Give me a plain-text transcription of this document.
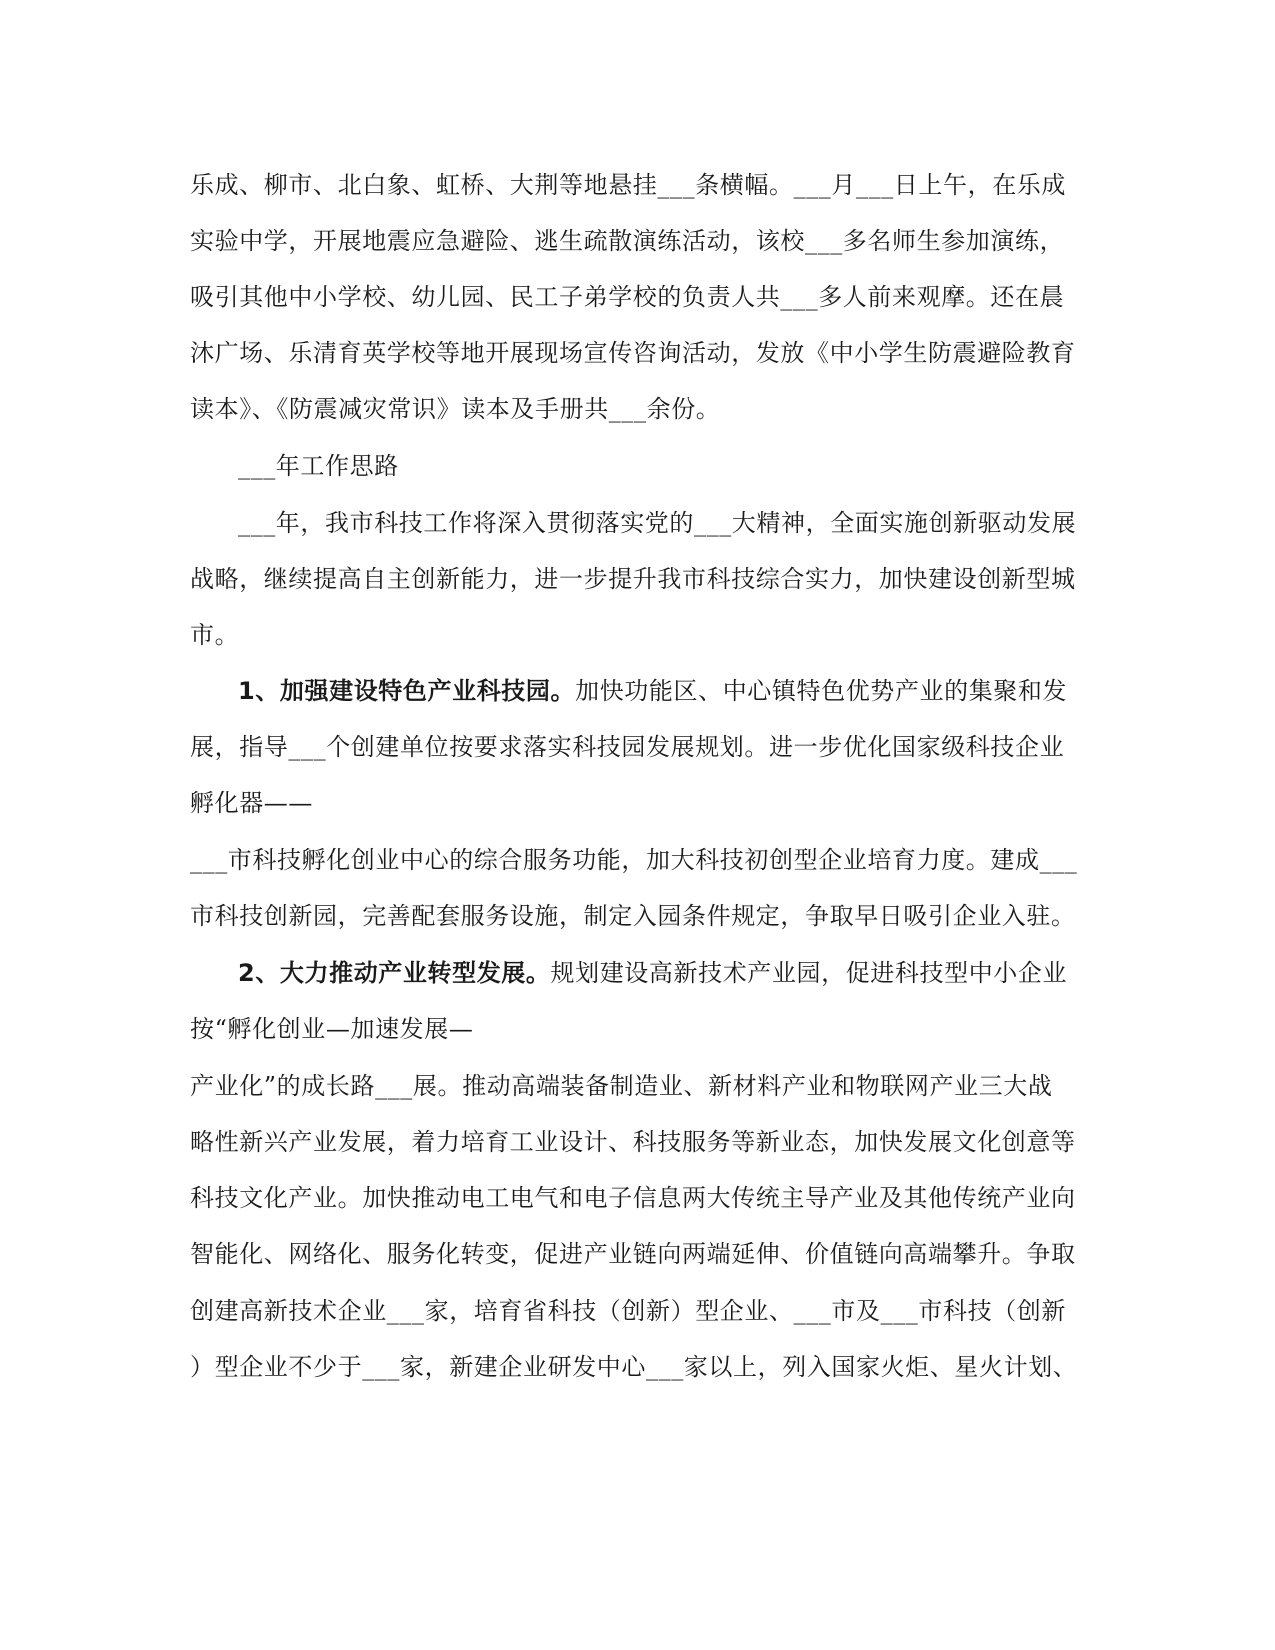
乐成、柳市、北白象、虹桥、大荆等地悬挂___条横幅。___月___日上午，在乐成
实验中学，开展地震应急避险、逃生疏散演练活动，该校___多名师生参加演练，
吸引其他中小学校、幼儿园、民工子弟学校的负责人共___多人前来观摩。还在晨
沐广场、乐清育英学校等地开展现场宣传咨询活动，发放《中小学生防震避险教育
读本》、《防震减灾常识》读本及手册共___余份。
___年工作思路
___年，我市科技工作将深入贯彻落实党的___大精神，全面实施创新驱动发展
战略，继续提高自主创新能力，进一步提升我市科技综合实力，加快建设创新型城
市。
1、加强建设特色产业科技园。加快功能区、中心镇特色优势产业的集聚和发
展，指导___个创建单位按要求落实科技园发展规划。进一步优化国家级科技企业
孵化器——
___市科技孵化创业中心的综合服务功能，加大科技初创型企业培育力度。建成___
市科技创新园，完善配套服务设施，制定入园条件规定，争取早日吸引企业入驻。
2、大力推动产业转型发展。规划建设高新技术产业园，促进科技型中小企业
按“孵化创业—加速发展—
产业化”的成长路___展。推动高端装备制造业、新材料产业和物联网产业三大战
略性新兴产业发展，着力培育工业设计、科技服务等新业态，加快发展文化创意等
科技文化产业。加快推动电工电气和电子信息两大传统主导产业及其他传统产业向
智能化、网络化、服务化转变，促进产业链向两端延伸、价值链向高端攀升。争取
创建高新技术企业___家，培育省科技（创新）型企业、___市及___市科技（创新
）型企业不少于___家，新建企业研发中心___家以上，列入国家火炬、星火计划、
